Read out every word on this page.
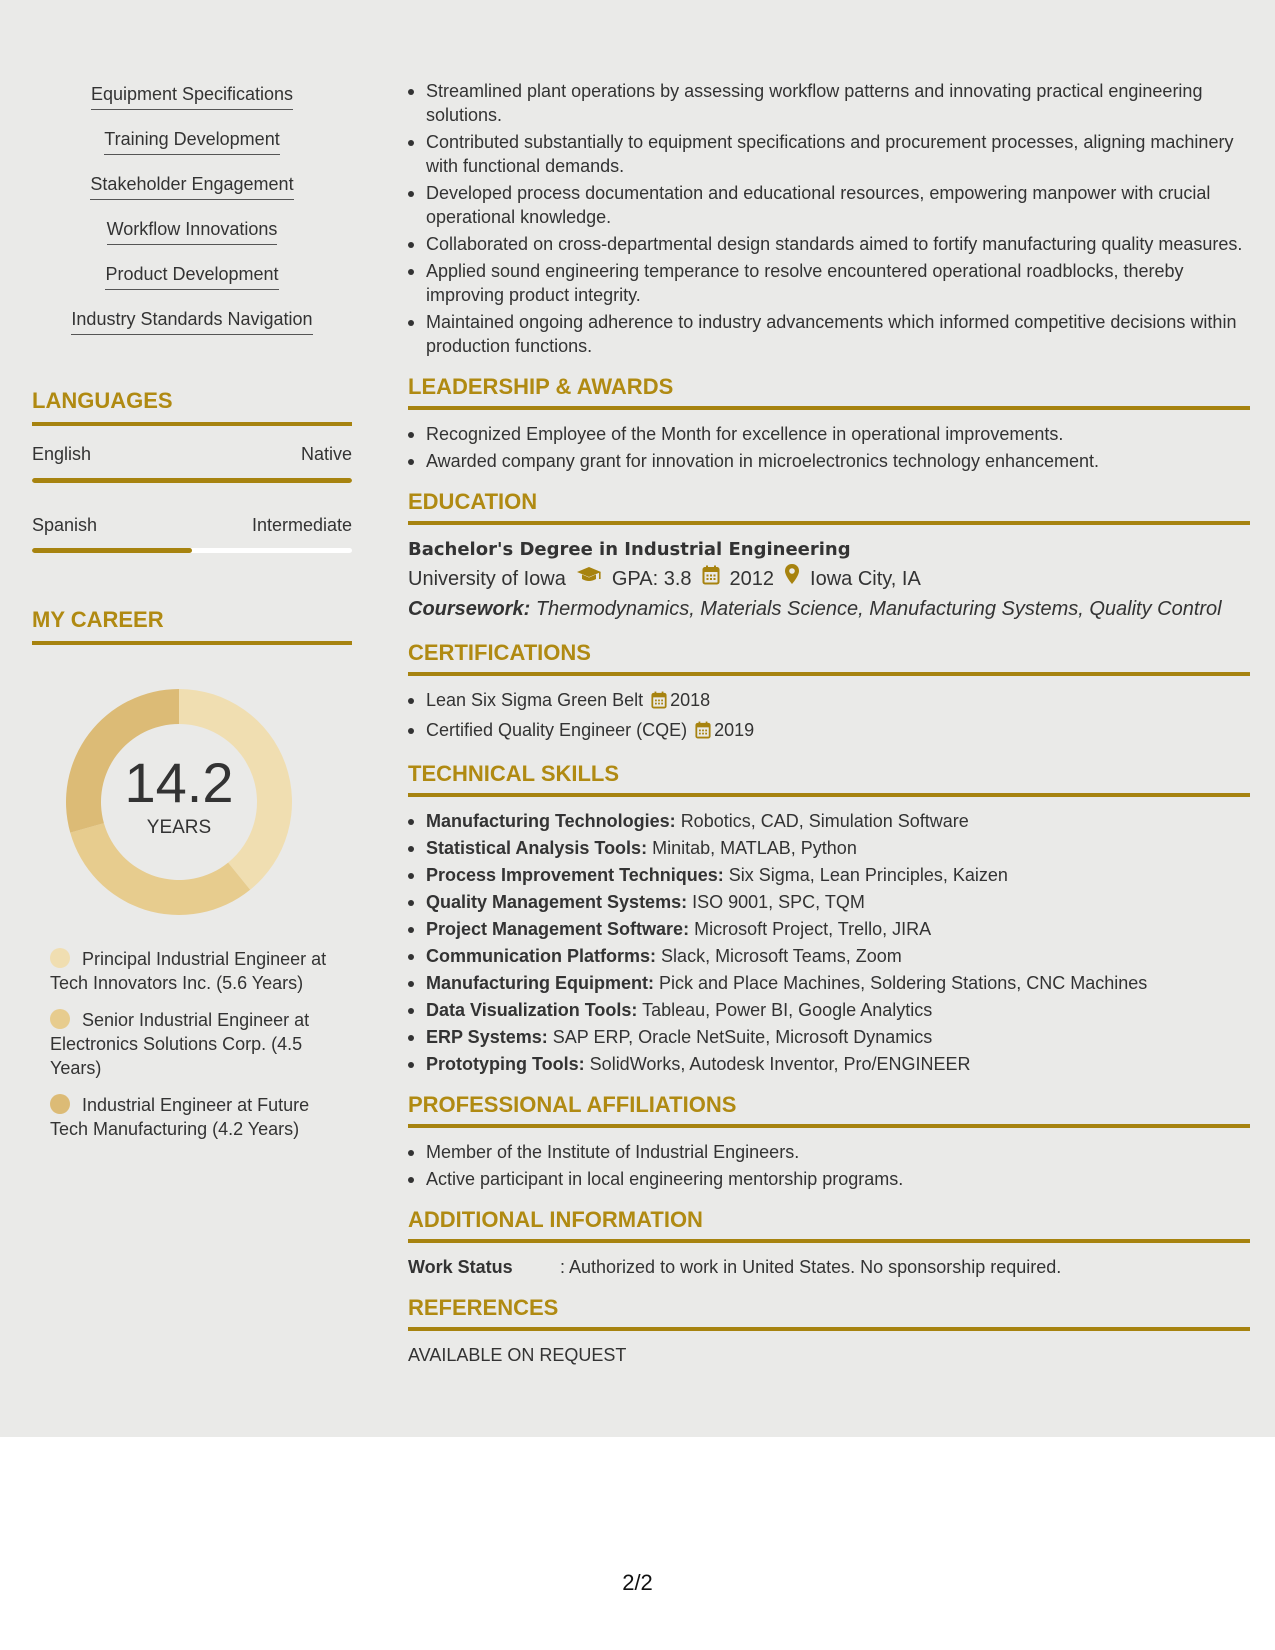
Equipment Specifications
Training Development
Stakeholder Engagement
Workflow Innovations
Product Development
Industry Standards Navigation
LANGUAGES
English	Native
Spanish	Intermediate
MY CAREER
14.2
YEARS
Principal Industrial Engineer at Tech Innovators Inc. (5.6 Years)
Senior Industrial Engineer at Electronics Solutions Corp. (4.5 Years)
Industrial Engineer at Future Tech Manufacturing (4.2 Years)
Streamlined plant operations by assessing workflow patterns and innovating practical engineering solutions.
Contributed substantially to equipment specifications and procurement processes, aligning machinery with functional demands.
Developed process documentation and educational resources, empowering manpower with crucial operational knowledge.
Collaborated on cross-departmental design standards aimed to fortify manufacturing quality measures.
Applied sound engineering temperance to resolve encountered operational roadblocks, thereby improving product integrity.
Maintained ongoing adherence to industry advancements which informed competitive decisions within production functions.
LEADERSHIP & AWARDS
Recognized Employee of the Month for excellence in operational improvements.
Awarded company grant for innovation in microelectronics technology enhancement.
EDUCATION
Bachelor's Degree in Industrial Engineering
University of Iowa GPA: 3.8 2012 Iowa City, IA
Coursework: Thermodynamics, Materials Science, Manufacturing Systems, Quality Control
CERTIFICATIONS
Lean Six Sigma Green Belt 2018
Certified Quality Engineer (CQE) 2019
TECHNICAL SKILLS
Manufacturing Technologies: Robotics, CAD, Simulation Software
Statistical Analysis Tools: Minitab, MATLAB, Python
Process Improvement Techniques: Six Sigma, Lean Principles, Kaizen
Quality Management Systems: ISO 9001, SPC, TQM
Project Management Software: Microsoft Project, Trello, JIRA
Communication Platforms: Slack, Microsoft Teams, Zoom
Manufacturing Equipment: Pick and Place Machines, Soldering Stations, CNC Machines
Data Visualization Tools: Tableau, Power BI, Google Analytics
ERP Systems: SAP ERP, Oracle NetSuite, Microsoft Dynamics
Prototyping Tools: SolidWorks, Autodesk Inventor, Pro/ENGINEER
PROFESSIONAL AFFILIATIONS
Member of the Institute of Industrial Engineers.
Active participant in local engineering mentorship programs.
ADDITIONAL INFORMATION
Work Status	: Authorized to work in United States. No sponsorship required.
REFERENCES
AVAILABLE ON REQUEST
2/2
